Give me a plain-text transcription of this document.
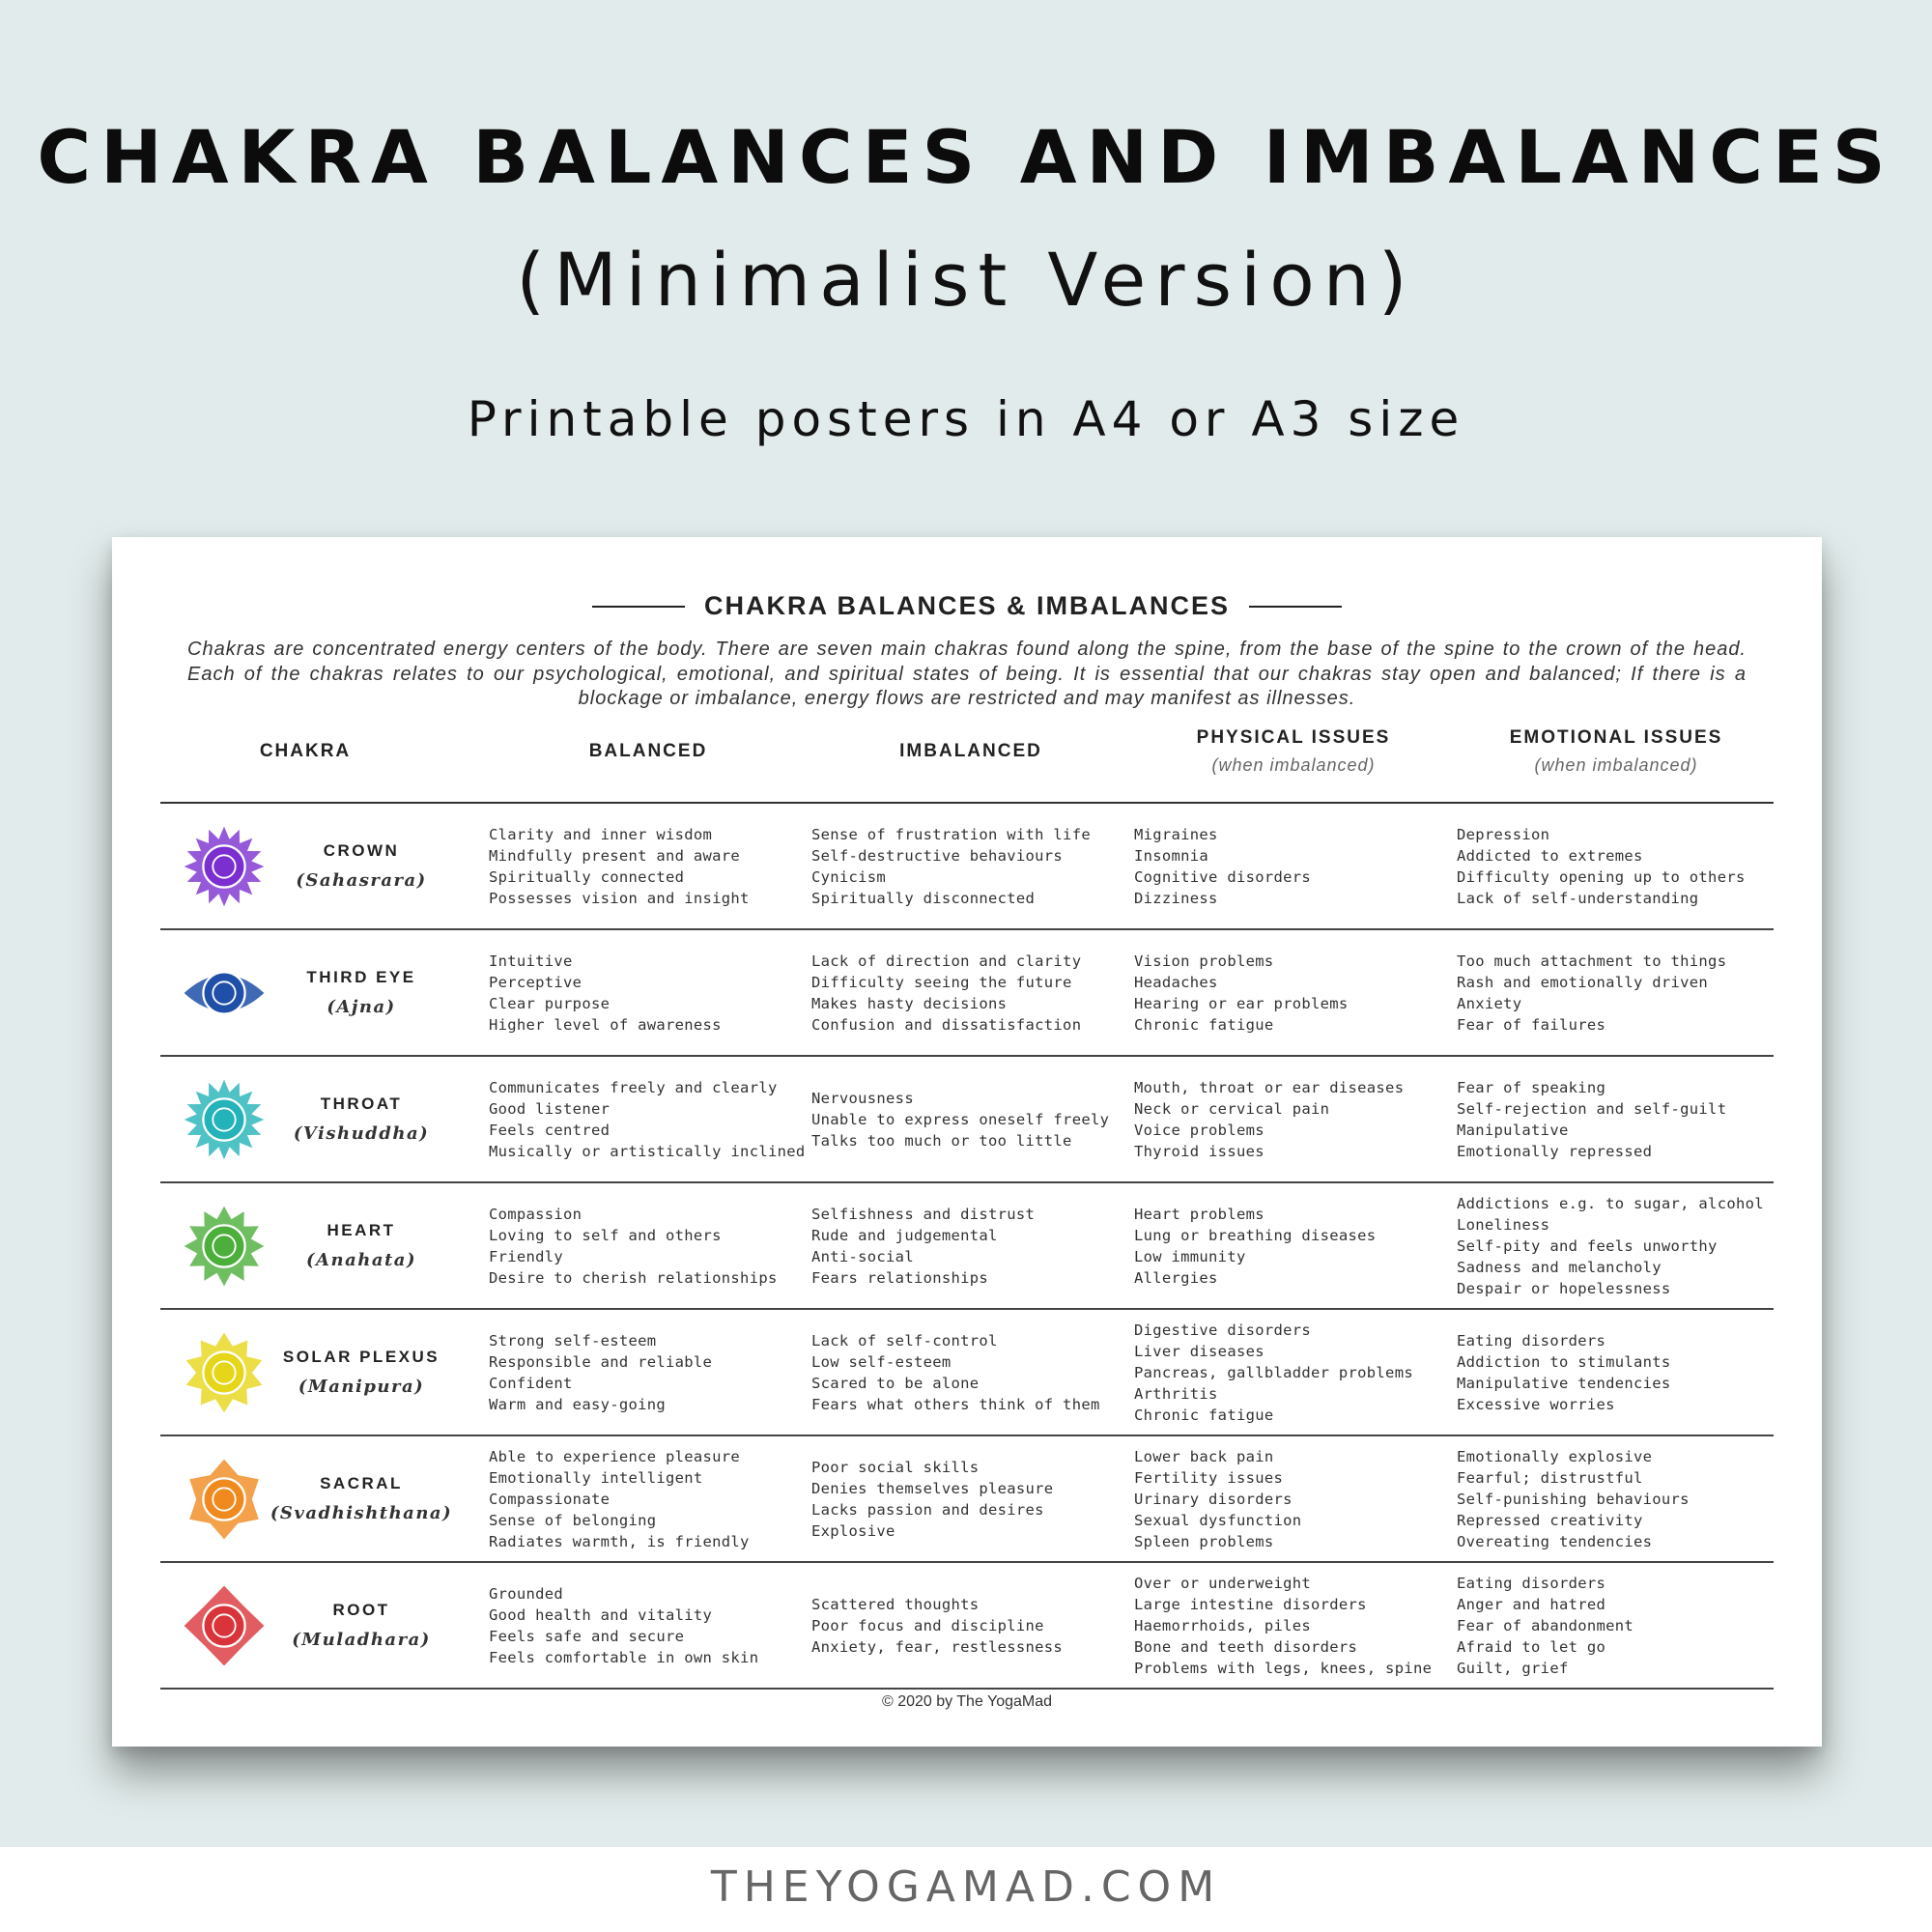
CHAKRA BALANCES AND IMBALANCES
(Minimalist Version)
Printable posters in A4 or A3 size
CHAKRA BALANCES & IMBALANCES

Chakras are concentrated energy centers of the body. There are seven main chakras found along the spine, from the base of the spine to the crown of the head. Each of the chakras relates to our psychological, emotional, and spiritual states of being. It is essential that our chakras stay open and balanced; If there is a blockage or imbalance, energy flows are restricted and may manifest as illnesses.

CHAKRA	BALANCED	IMBALANCED
PHYSICAL ISSUES
(when imbalanced)
EMOTIONAL ISSUES
(when imbalanced)
CROWN
(Sahasrara)
Clarity and inner wisdom
Mindfully present and aware
Spiritually connected
Possesses vision and insight
Sense of frustration with life
Self-destructive behaviours
Cynicism
Spiritually disconnected
Migraines
Insomnia
Cognitive disorders
Dizziness
Depression
Addicted to extremes
Difficulty opening up to others
Lack of self-understanding
THIRD EYE
(Ajna)
Intuitive
Perceptive
Clear purpose
Higher level of awareness
Lack of direction and clarity
Difficulty seeing the future
Makes hasty decisions
Confusion and dissatisfaction
Vision problems
Headaches
Hearing or ear problems
Chronic fatigue
Too much attachment to things
Rash and emotionally driven
Anxiety
Fear of failures
THROAT
(Vishuddha)
Communicates freely and clearly
Good listener
Feels centred
Musically or artistically inclined
Nervousness
Unable to express oneself freely
Talks too much or too little
Mouth, throat or ear diseases
Neck or cervical pain
Voice problems
Thyroid issues
Fear of speaking
Self-rejection and self-guilt
Manipulative
Emotionally repressed
HEART
(Anahata)
Compassion
Loving to self and others
Friendly
Desire to cherish relationships
Selfishness and distrust
Rude and judgemental
Anti-social
Fears relationships
Heart problems
Lung or breathing diseases
Low immunity
Allergies
Addictions e.g. to sugar, alcohol
Loneliness
Self-pity and feels unworthy
Sadness and melancholy
Despair or hopelessness
SOLAR PLEXUS
(Manipura)
Strong self-esteem
Responsible and reliable
Confident
Warm and easy-going
Lack of self-control
Low self-esteem
Scared to be alone
Fears what others think of them
Digestive disorders
Liver diseases
Pancreas, gallbladder problems
Arthritis
Chronic fatigue
Eating disorders
Addiction to stimulants
Manipulative tendencies
Excessive worries
SACRAL
(Svadhishthana)
Able to experience pleasure
Emotionally intelligent
Compassionate
Sense of belonging
Radiates warmth, is friendly
Poor social skills
Denies themselves pleasure
Lacks passion and desires
Explosive
Lower back pain
Fertility issues
Urinary disorders
Sexual dysfunction
Spleen problems
Emotionally explosive
Fearful; distrustful
Self-punishing behaviours
Repressed creativity
Overeating tendencies
ROOT
(Muladhara)
Grounded
Good health and vitality
Feels safe and secure
Feels comfortable in own skin
Scattered thoughts
Poor focus and discipline
Anxiety, fear, restlessness
Over or underweight
Large intestine disorders
Haemorrhoids, piles
Bone and teeth disorders
Problems with legs, knees, spine
Eating disorders
Anger and hatred
Fear of abandonment
Afraid to let go
Guilt, grief
© 2020 by The YogaMad
THEYOGAMAD.COM
